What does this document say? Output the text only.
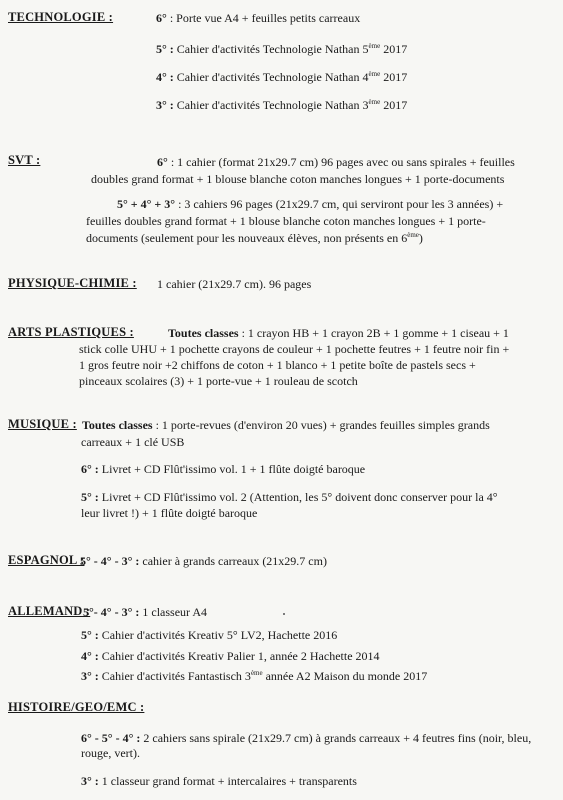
TECHNOLOGIE :	6° : Porte vue A4 + feuilles petits carreaux
5° : Cahier d'activités Technologie Nathan 5ème 2017
4° : Cahier d'activités Technologie Nathan 4ème 2017
3° : Cahier d'activités Technologie Nathan 3ème 2017
SVT :	6° : 1 cahier (format 21x29.7 cm) 96 pages avec ou sans spirales + feuilles
doubles grand format + 1 blouse blanche coton manches longues + 1 porte-documents
5° + 4° + 3° : 3 cahiers 96 pages (21x29.7 cm, qui serviront pour les 3 années) +
feuilles doubles grand format + 1 blouse blanche coton manches longues + 1 porte-
documents (seulement pour les nouveaux élèves, non présents en 6ème)
PHYSIQUE-CHIMIE : 1 cahier (21x29.7 cm). 96 pages
ARTS PLASTIQUES :	Toutes classes : 1 crayon HB + 1 crayon 2B + 1 gomme + 1 ciseau + 1
stick colle UHU + 1 pochette crayons de couleur + 1 pochette feutres + 1 feutre noir fin +
1 gros feutre noir +2 chiffons de coton + 1 blanco + 1 petite boîte de pastels secs +
pinceaux scolaires (3) + 1 porte-vue + 1 rouleau de scotch
MUSIQUE : Toutes classes : 1 porte-revues (d'environ 20 vues) + grandes feuilles simples grands
carreaux + 1 clé USB
6° : Livret + CD Flût'issimo vol. 1 + 1 flûte doigté baroque
5° : Livret + CD Flût'issimo vol. 2 (Attention, les 5° doivent donc conserver pour la 4°
leur livret !) + 1 flûte doigté baroque
ESPAGNOL :
5° - 4° - 3° : cahier à grands carreaux (21x29.7 cm)
ALLEMAND :
5°- 4° - 3° : 1 classeur A4
5° : Cahier d'activités Kreativ 5° LV2, Hachette 2016
4° : Cahier d'activités Kreativ Palier 1, année 2 Hachette 2014
3° : Cahier d'activités Fantastisch 3ème année A2 Maison du monde 2017
HISTOIRE/GEO/EMC :
6° - 5° - 4° : 2 cahiers sans spirale (21x29.7 cm) à grands carreaux + 4 feutres fins (noir, bleu,
rouge, vert).
3° : 1 classeur grand format + intercalaires + transparents
